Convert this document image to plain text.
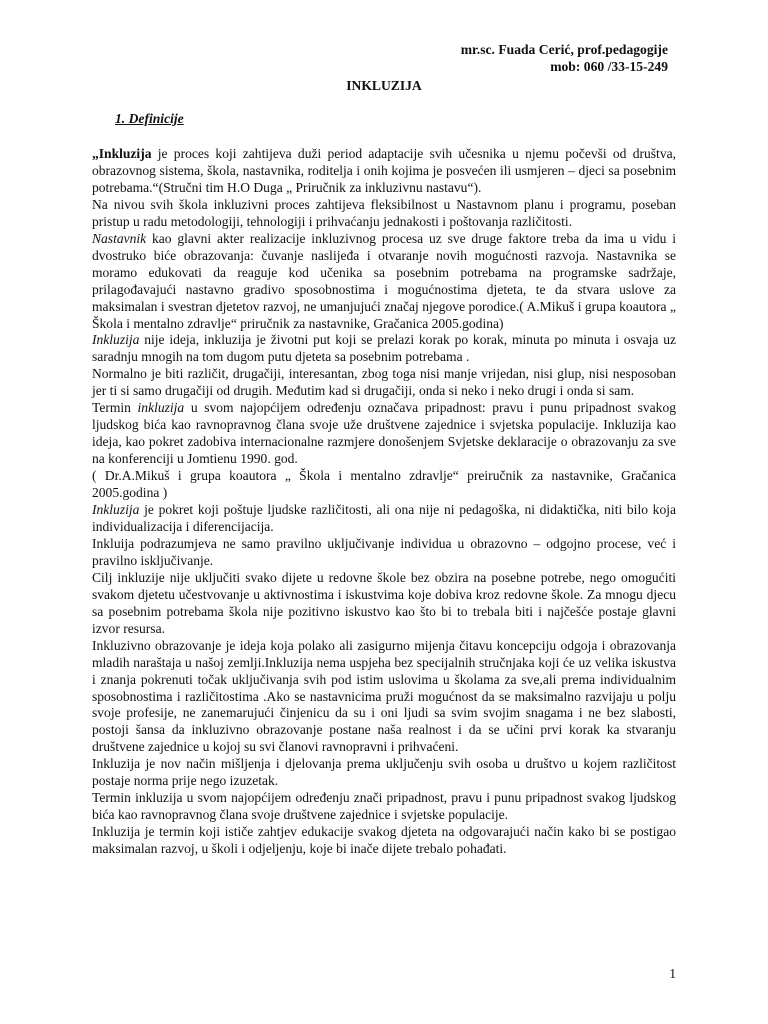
mr.sc. Fuada Cerić, prof.pedagogije
mob: 060 /33-15-249
INKLUZIJA
1. Definicije

„Inkluzija je proces koji zahtijeva duži period adaptacije svih učesnika u njemu počevši od društva, obrazovnog sistema, škola, nastavnika, roditelja i onih kojima je posvećen ili usmjeren – djeci sa posebnim potrebama.“(Stručni tim H.O Duga „ Priručnik za inkluzivnu nastavu“).

Na nivou svih škola inkluzivni proces zahtijeva fleksibilnost u Nastavnom planu i programu, poseban pristup u radu metodologiji, tehnologiji i prihvaćanju jednakosti i poštovanja različitosti.

Nastavnik kao glavni akter realizacije inkluzivnog procesa uz sve druge faktore treba da ima u vidu i dvostruko biće obrazovanja: čuvanje naslijeđa i otvaranje novih mogućnosti razvoja. Nastavnika se moramo edukovati da reaguje kod učenika sa posebnim potrebama na programske sadržaje, prilagođavajući nastavno gradivo sposobnostima i mogućnostima djeteta, te da stvara uslove za maksimalan i svestran djetetov razvoj, ne umanjujući značaj njegove porodice.( A.Mikuš i grupa koautora „ Škola i mentalno zdravlje“ priručnik za nastavnike, Gračanica 2005.godina)

Inkluzija nije ideja, inkluzija je životni put koji se prelazi korak po korak, minuta po minuta i osvaja uz saradnju mnogih na tom dugom putu djeteta sa posebnim potrebama .

Normalno je biti različit, drugačiji, interesantan, zbog toga nisi manje vrijedan, nisi glup, nisi nesposoban jer ti si samo drugačiji od drugih. Međutim kad si drugačiji, onda si neko i neko drugi i onda si sam.

Termin inkluzija u svom najopćijem određenju označava pripadnost: pravu i punu pripadnost svakog ljudskog bića kao ravnopravnog člana svoje uže društvene zajednice i svjetska populacije. Inkluzija kao ideja, kao pokret zadobiva internacionalne razmjere donošenjem Svjetske deklaracije o obrazovanju za sve na konferenciji u Jomtienu 1990. god.

( Dr.A.Mikuš i grupa koautora „ Škola i mentalno zdravlje“ preiručnik za nastavnike, Gračanica 2005.godina )

Inkluzija je pokret koji poštuje ljudske različitosti, ali ona nije ni pedagoška, ni didaktička, niti bilo koja individualizacija i diferencijacija.

Inkluija podrazumjeva ne samo pravilno uključivanje individua u obrazovno – odgojno procese, već i pravilno isključivanje.

Cilj inkluzije nije uključiti svako dijete u redovne škole bez obzira na posebne potrebe, nego omogućiti svakom djetetu učestvovanje u aktivnostima i iskustvima koje dobiva kroz redovne škole. Za mnogu djecu sa posebnim potrebama škola nije pozitivno iskustvo kao što bi to trebala biti i najčešće postaje glavni izvor resursa.

Inkluzivno obrazovanje je ideja koja polako ali zasigurno mijenja čitavu koncepciju odgoja i obrazovanja mladih naraštaja u našoj zemlji.Inkluzija nema uspjeha bez specijalnih stručnjaka koji će uz velika iskustva i znanja pokrenuti točak uključivanja svih pod istim uslovima u školama za sve,ali prema individualnim sposobnostima i različitostima .Ako se nastavnicima pruži mogućnost da se maksimalno razvijaju u polju svoje profesije, ne zanemarujući činjenicu da su i oni ljudi sa svim svojim snagama i ne bez slabosti, postoji šansa da inkluzivno obrazovanje postane naša realnost i da se učini prvi korak ka stvaranju društvene zajednice u kojoj su svi članovi ravnopravni i prihvaćeni.

Inkluzija je nov način mišljenja i djelovanja prema uključenju svih osoba u društvo u kojem različitost postaje norma prije nego izuzetak.

Termin inkluzija u svom najopćijem određenju znači pripadnost, pravu i punu pripadnost svakog ljudskog bića kao ravnopravnog člana svoje društvene zajednice i svjetske populacije.

Inkluzija je termin koji ističe zahtjev edukacije svakog djeteta na odgovarajući način kako bi se postigao maksimalan razvoj, u školi i odjeljenju, koje bi inače dijete trebalo pohađati.

1
